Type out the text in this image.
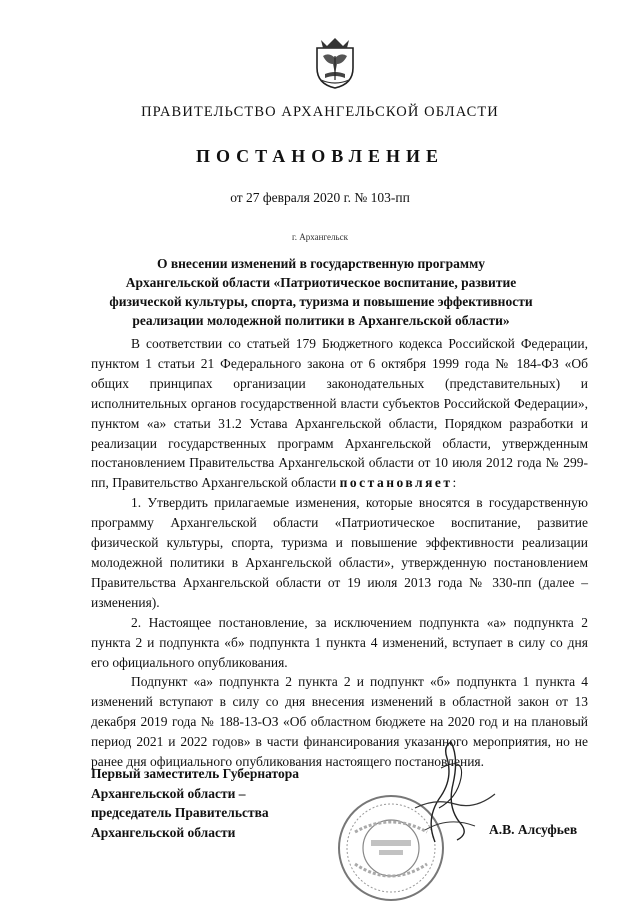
ПРАВИТЕЛЬСТВО АРХАНГЕЛЬСКОЙ ОБЛАСТИ
ПОСТАНОВЛЕНИЕ
от 27 февраля 2020 г. № 103-пп
г. Архангельск
О внесении изменений в государственную программу
Архангельской области «Патриотическое воспитание, развитие
физической культуры, спорта, туризма и повышение эффективности
реализации молодежной политики в Архангельской области»

В соответствии со статьей 179 Бюджетного кодекса Российской Федерации, пунктом 1 статьи 21 Федерального закона от 6 октября 1999 года № 184-ФЗ «Об общих принципах организации законодательных (представительных) и исполнительных органов государственной власти субъектов Российской Федерации», пунктом «а» статьи 31.2 Устава Архангельской области, Порядком разработки и реализации государственных программ Архангельской области, утвержденным постановлением Правительства Архангельской области от 10 июля 2012 года № 299-пп, Правительство Архангельской области постановляет:

1. Утвердить прилагаемые изменения, которые вносятся в государственную программу Архангельской области «Патриотическое воспитание, развитие физической культуры, спорта, туризма и повышение эффективности реализации молодежной политики в Архангельской области», утвержденную постановлением Правительства Архангельской области от 19 июля 2013 года № 330-пп (далее – изменения).

2. Настоящее постановление, за исключением подпункта «а» подпункта 2 пункта 2 и подпункта «б» подпункта 1 пункта 4 изменений, вступает в силу со дня его официального опубликования.

Подпункт «а» подпункта 2 пункта 2 и подпункт «б» подпункта 1 пункта 4 изменений вступают в силу со дня внесения изменений в областной закон от 13 декабря 2019 года № 188-13-ОЗ «Об областном бюджете на 2020 год и на плановый период 2021 и 2022 годов» в части финансирования указанного мероприятия, но не ранее дня официального опубликования настоящего постановления.

Первый заместитель Губернатора
Архангельской области –
председатель Правительства
Архангельской области	А.В. Алсуфьев
